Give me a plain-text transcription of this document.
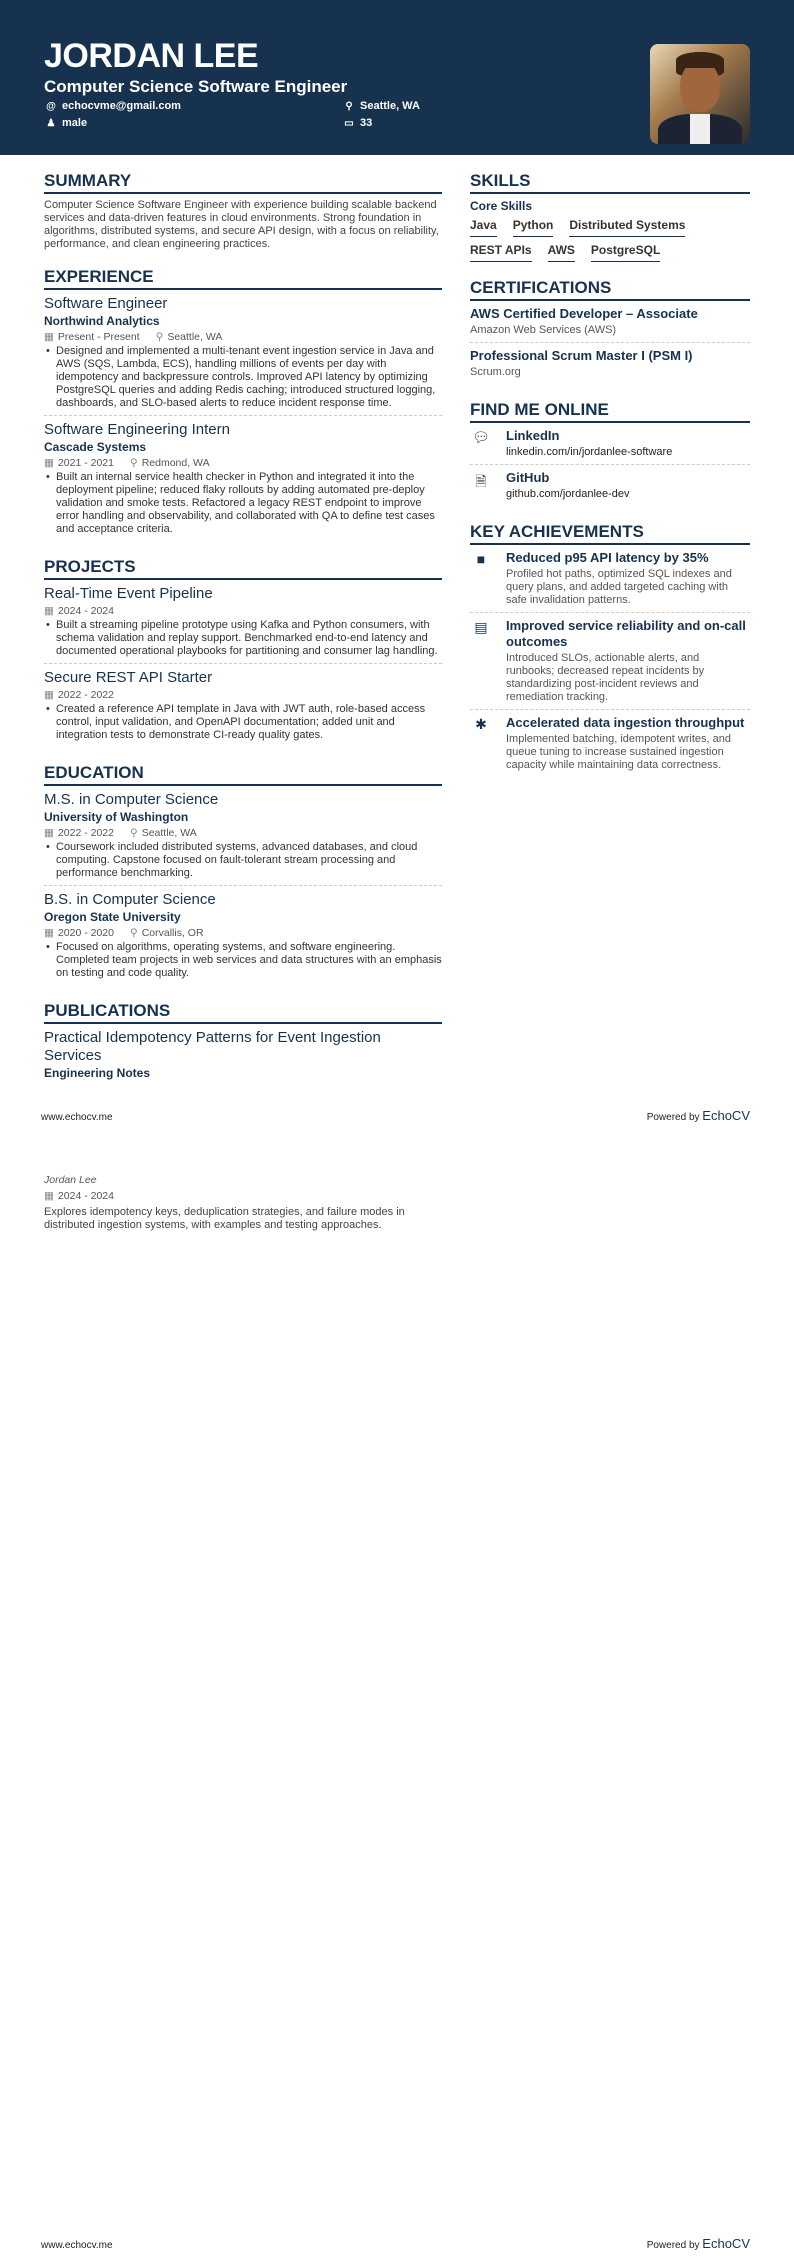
JORDAN LEE
Computer Science Software Engineer
@ echocvme@gmail.com
♟ male
⚲ Seattle, WA
▭ 33
SUMMARY
Computer Science Software Engineer with experience building scalable backend services and data-driven features in cloud environments. Strong foundation in algorithms, distributed systems, and secure API design, with a focus on reliability, performance, and clean engineering practices.
EXPERIENCE
Software Engineer
Northwind Analytics
▦ Present - Present ⚲ Seattle, WA
• Designed and implemented a multi-tenant event ingestion service in Java and AWS (SQS, Lambda, ECS), handling millions of events per day with idempotency and backpressure controls. Improved API latency by optimizing PostgreSQL queries and adding Redis caching; introduced structured logging, dashboards, and SLO-based alerts to reduce incident response time.
Software Engineering Intern
Cascade Systems
▦ 2021 - 2021 ⚲ Redmond, WA
• Built an internal service health checker in Python and integrated it into the deployment pipeline; reduced flaky rollouts by adding automated pre-deploy validation and smoke tests. Refactored a legacy REST endpoint to improve error handling and observability, and collaborated with QA to define test cases and acceptance criteria.
PROJECTS
Real-Time Event Pipeline
▦ 2024 - 2024
• Built a streaming pipeline prototype using Kafka and Python consumers, with schema validation and replay support. Benchmarked end-to-end latency and documented operational playbooks for partitioning and consumer lag handling.
Secure REST API Starter
▦ 2022 - 2022
• Created a reference API template in Java with JWT auth, role-based access control, input validation, and OpenAPI documentation; added unit and integration tests to demonstrate CI-ready quality gates.
EDUCATION
M.S. in Computer Science
University of Washington
▦ 2022 - 2022 ⚲ Seattle, WA
• Coursework included distributed systems, advanced databases, and cloud computing. Capstone focused on fault-tolerant stream processing and performance benchmarking.
B.S. in Computer Science
Oregon State University
▦ 2020 - 2020 ⚲ Corvallis, OR
• Focused on algorithms, operating systems, and software engineering. Completed team projects in web services and data structures with an emphasis on testing and code quality.
PUBLICATIONS
Practical Idempotency Patterns for Event Ingestion Services
Engineering Notes
SKILLS
Core Skills
Java Python Distributed Systems
REST APIs AWS PostgreSQL
CERTIFICATIONS
AWS Certified Developer – Associate
Amazon Web Services (AWS)
Professional Scrum Master I (PSM I)
Scrum.org
FIND ME ONLINE
💬︎ LinkedIn
linkedin.com/in/jordanlee-software
🗎︎	GitHub
github.com/jordanlee-dev
KEY ACHIEVEMENTS
■	Reduced p95 API latency by 35%
Profiled hot paths, optimized SQL indexes and query plans, and added targeted caching with safe invalidation patterns.
▤	Improved service reliability and on-call outcomes
Introduced SLOs, actionable alerts, and runbooks; decreased repeat incidents by standardizing post-incident reviews and remediation tracking.
✱	Accelerated data ingestion throughput
Implemented batching, idempotent writes, and queue tuning to increase sustained ingestion capacity while maintaining data correctness.
www.echocv.me	Powered by EchoCV
Jordan Lee
▦ 2024 - 2024
Explores idempotency keys, deduplication strategies, and failure modes in distributed ingestion systems, with examples and testing approaches.
www.echocv.me	Powered by EchoCV
